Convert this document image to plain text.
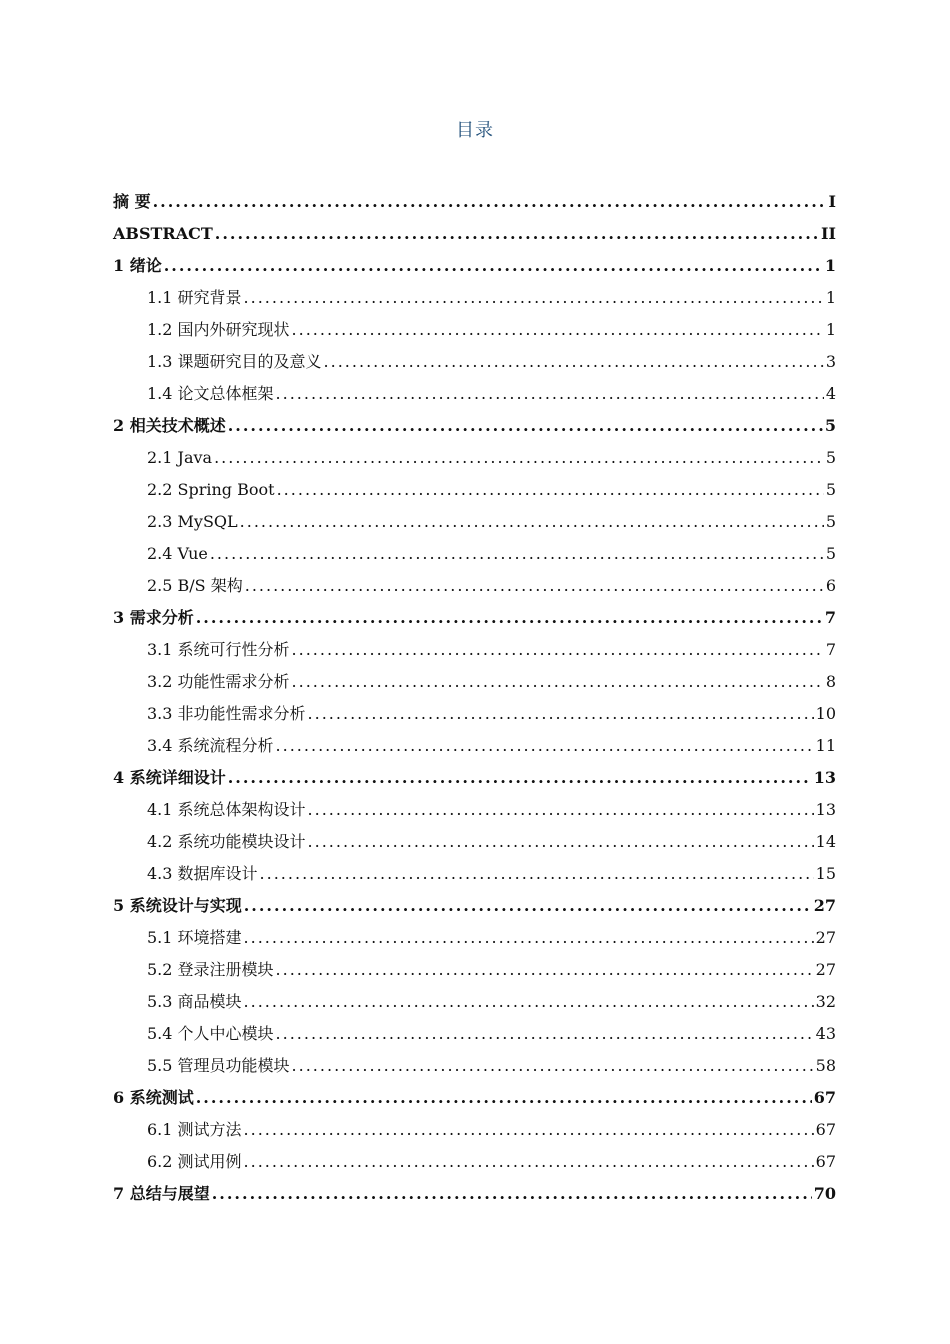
目录
摘 要 .....	I
ABSTRACT .....	II
1 绪论 .....	1
1.1 研究背景 .....	1
1.2 国内外研究现状 .....	1
1.3 课题研究目的及意义 .....	3
1.4 论文总体框架 .....	4
2 相关技术概述 .....	5
2.1 Java .....	5
2.2 Spring Boot .....	5
2.3 MySQL .....	5
2.4 Vue .....	5
2.5 B/S 架构 .....	6
3 需求分析 .....	7
3.1 系统可行性分析 .....	7
3.2 功能性需求分析 .....	8
3.3 非功能性需求分析 .....	10
3.4 系统流程分析 .....	11
4 系统详细设计 .....	13
4.1 系统总体架构设计 .....	13
4.2 系统功能模块设计 .....	14
4.3 数据库设计 .....	15
5 系统设计与实现 .....	27
5.1 环境搭建 .....	27
5.2 登录注册模块 .....	27
5.3 商品模块 .....	32
5.4 个人中心模块 .....	43
5.5 管理员功能模块 .....	58
6 系统测试 .....	67
6.1 测试方法 .....	67
6.2 测试用例 .....	67
7 总结与展望 .....	70
